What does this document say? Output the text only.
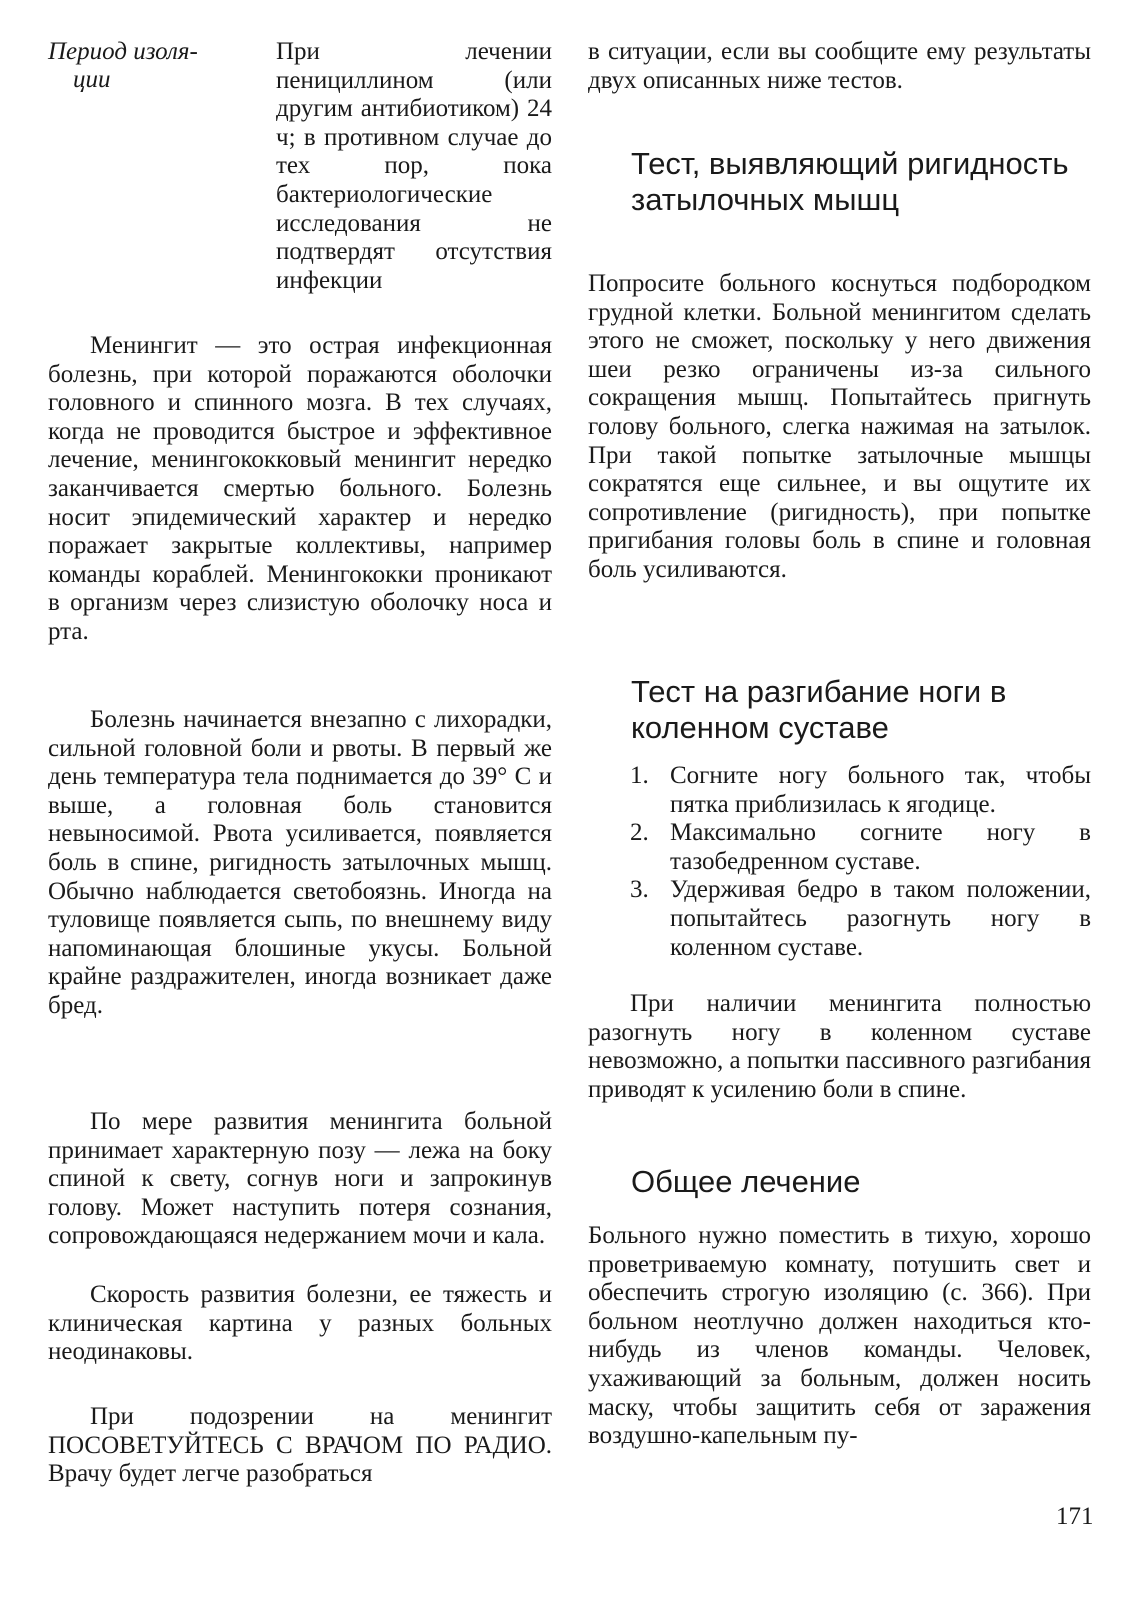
Период изоля-
ции
При лечении пенициллином (или другим антибиотиком) 24 ч; в противном случае до тех пор, пока бактериологические исследования не подтвердят отсутствия инфекции

Менингит — это острая инфекционная болезнь, при которой поражаются оболочки головного и спинного мозга. В тех случаях, когда не проводится быстрое и эффективное лечение, менингококковый менингит нередко заканчивается смертью больного. Болезнь носит эпидемический характер и нередко поражает закрытые коллективы, например команды кораблей. Менингококки проникают в организм через слизистую оболочку носа и рта.

Болезнь начинается внезапно с лихорадки, сильной головной боли и рвоты. В первый же день температура тела поднимается до 39° C и выше, а головная боль становится невыносимой. Рвота усиливается, появляется боль в спине, ригидность затылочных мышц. Обычно наблюдается светобоязнь. Иногда на туловище появляется сыпь, по внешнему виду напоминающая блошиные укусы. Больной крайне раздражителен, иногда возникает даже бред.

По мере развития менингита больной принимает характерную позу — лежа на боку спиной к свету, согнув ноги и запрокинув голову. Может наступить потеря сознания, сопровождающаяся недержанием мочи и кала.

Скорость развития болезни, ее тяжесть и клиническая картина у разных больных неодинаковы.

При подозрении на менингит ПОСОВЕТУЙТЕСЬ С ВРАЧОМ ПО РАДИО. Врачу будет легче разобраться

в ситуации, если вы сообщите ему результаты двух описанных ниже тестов.

Тест, выявляющий ригидность затылочных мышц

Попросите больного коснуться подбородком грудной клетки. Больной менингитом сделать этого не сможет, поскольку у него движения шеи резко ограничены из-за сильного сокращения мышц. Попытайтесь пригнуть голову больного, слегка нажимая на затылок. При такой попытке затылочные мышцы сократятся еще сильнее, и вы ощутите их сопротивление (ригидность), при попытке пригибания головы боль в спине и головная боль усиливаются.

Тест на разгибание ноги в коленном суставе
1. Согните ногу больного так, чтобы пятка приблизилась к ягодице.
2. Максимально согните ногу в тазобедренном суставе.
3. Удерживая бедро в таком положении, попытайтесь разогнуть ногу в коленном суставе.

При наличии менингита полностью разогнуть ногу в коленном суставе невозможно, а попытки пассивного разгибания приводят к усилению боли в спине.

Общее лечение

Больного нужно поместить в тихую, хорошо проветриваемую комнату, потушить свет и обеспечить строгую изоляцию (с. 366). При больном неотлучно должен находиться кто-нибудь из членов команды. Человек, ухаживающий за больным, должен носить маску, чтобы защитить себя от заражения воздушно-капельным пу-

171
